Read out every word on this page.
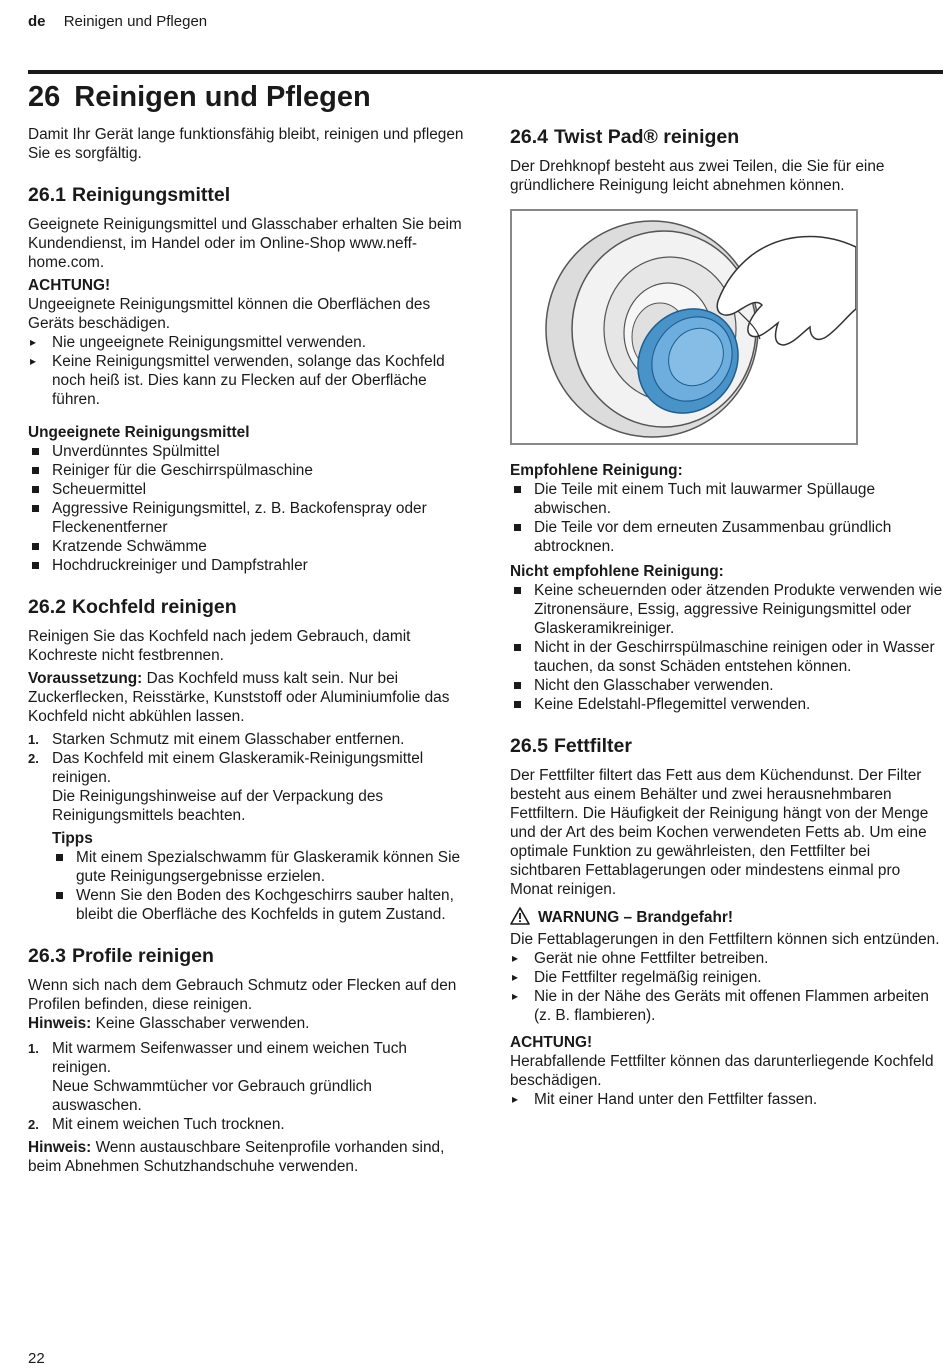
de Reinigen und Pflegen
26 Reinigen und Pflegen

Damit Ihr Gerät lange funktionsfähig bleibt, reinigen und pflegen Sie es sorgfältig.

26.1 Reinigungsmittel

Geeignete Reinigungsmittel und Glasschaber erhalten Sie beim Kundendienst, im Handel oder im Online-Shop www.neff-home.com.

ACHTUNG!

Ungeeignete Reinigungsmittel können die Oberflächen des Geräts beschädigen.

▸ Nie ungeeignete Reinigungsmittel verwenden.
▸ Keine Reinigungsmittel verwenden, solange das Kochfeld noch heiß ist. Dies kann zu Flecken auf der Oberfläche führen.

Ungeeignete Reinigungsmittel

Unverdünntes Spülmittel
Reiniger für die Geschirrspülmaschine
Scheuermittel
Aggressive Reinigungsmittel, z. B. Backofenspray oder Fleckenentferner
Kratzende Schwämme
Hochdruckreiniger und Dampfstrahler
26.2 Kochfeld reinigen

Reinigen Sie das Kochfeld nach jedem Gebrauch, damit Kochreste nicht festbrennen.

Voraussetzung: Das Kochfeld muss kalt sein. Nur bei Zuckerflecken, Reisstärke, Kunststoff oder Aluminiumfolie das Kochfeld nicht abkühlen lassen.

1. Starken Schmutz mit einem Glasschaber entfernen.
2. Das Kochfeld mit einem Glaskeramik-Reinigungsmittel reinigen.

Die Reinigungshinweise auf der Verpackung des Reinigungsmittels beachten.

Tipps

Mit einem Spezialschwamm für Glaskeramik können Sie gute Reinigungsergebnisse erzielen.
Wenn Sie den Boden des Kochgeschirrs sauber halten, bleibt die Oberfläche des Kochfelds in gutem Zustand.
26.3 Profile reinigen

Wenn sich nach dem Gebrauch Schmutz oder Flecken auf den Profilen befinden, diese reinigen.

Hinweis: Keine Glasschaber verwenden.

1. Mit warmem Seifenwasser und einem weichen Tuch reinigen.

Neue Schwammtücher vor Gebrauch gründlich auswaschen.

2. Mit einem weichen Tuch trocknen.

Hinweis: Wenn austauschbare Seitenprofile vorhanden sind, beim Abnehmen Schutzhandschuhe verwenden.

26.4 Twist Pad® reinigen

Der Drehknopf besteht aus zwei Teilen, die Sie für eine gründlichere Reinigung leicht abnehmen können.

Empfohlene Reinigung:

Die Teile mit einem Tuch mit lauwarmer Spüllauge abwischen.
Die Teile vor dem erneuten Zusammenbau gründlich abtrocknen.

Nicht empfohlene Reinigung:

Keine scheuernden oder ätzenden Produkte verwenden wie Zitronensäure, Essig, aggressive Reinigungsmittel oder Glaskeramikreiniger.
Nicht in der Geschirrspülmaschine reinigen oder in Wasser tauchen, da sonst Schäden entstehen können.
Nicht den Glasschaber verwenden.
Keine Edelstahl-Pflegemittel verwenden.
26.5 Fettfilter

Der Fettfilter filtert das Fett aus dem Küchendunst. Der Filter besteht aus einem Behälter und zwei herausnehmbaren Fettfiltern. Die Häufigkeit der Reinigung hängt von der Menge und der Art des beim Kochen verwendeten Fetts ab. Um eine optimale Funktion zu gewährleisten, den Fettfilter bei sichtbaren Fettablagerungen oder mindestens einmal pro Monat reinigen.

WARNUNG – Brandgefahr!

Die Fettablagerungen in den Fettfiltern können sich entzünden.

▸ Gerät nie ohne Fettfilter betreiben.
▸ Die Fettfilter regelmäßig reinigen.
▸ Nie in der Nähe des Geräts mit offenen Flammen arbeiten (z. B. flambieren).

ACHTUNG!

Herabfallende Fettfilter können das darunterliegende Kochfeld beschädigen.

▸ Mit einer Hand unter den Fettfilter fassen.
22
